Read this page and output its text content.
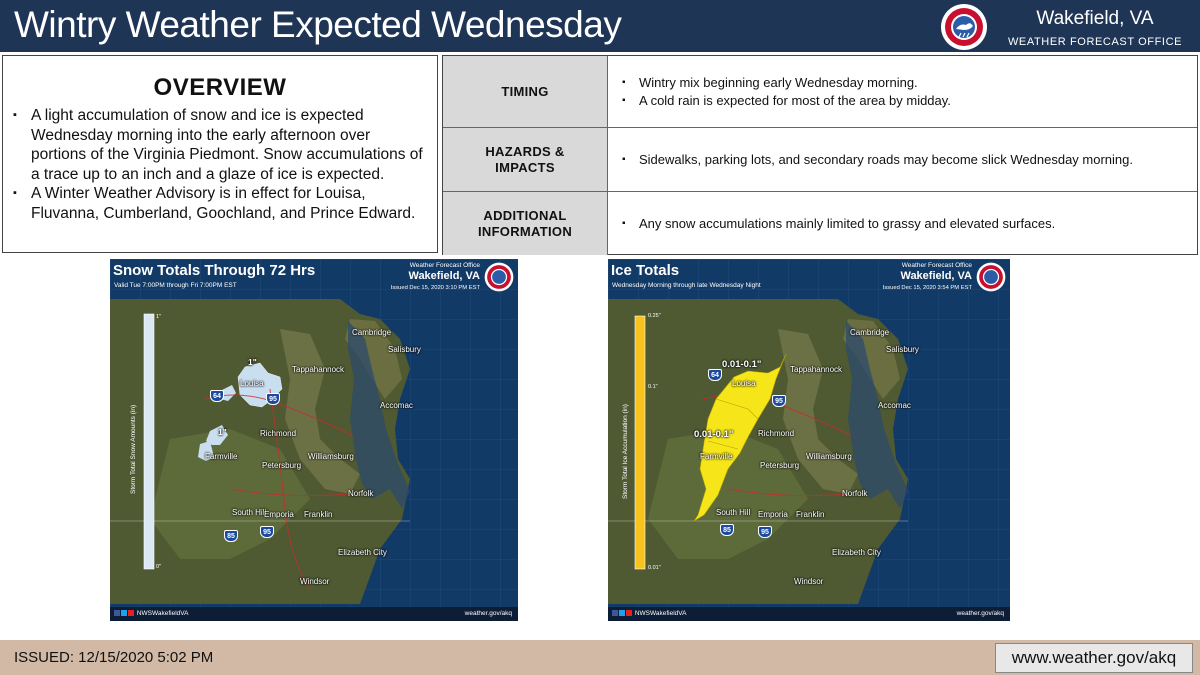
Wintry Weather Expected Wednesday	Wakefield, VA
WEATHER FORECAST OFFICE
OVERVIEW
▪ A light accumulation of snow and ice is expected Wednesday morning into the early afternoon over portions of the Virginia Piedmont. Snow accumulations of a trace up to an inch and a glaze of ice is expected.
▪ A Winter Weather Advisory is in effect for Louisa, Fluvanna, Cumberland, Goochland, and Prince Edward.
TIMING
▪ Wintry mix beginning early Wednesday morning.
▪ A cold rain is expected for most of the area by midday.
HAZARDS & IMPACTS
▪ Sidewalks, parking lots, and secondary roads may become slick Wednesday morning.
ADDITIONAL INFORMATION
▪ Any snow accumulations mainly limited to grassy and elevated surfaces.
Snow Totals Through 72 Hrs
Valid Tue 7:00PM through Fri 7:00PM EST
Weather Forecast Office
Wakefield, VA
Issued Dec 15, 2020 3:10 PM EST
1"
0"
Storm Total Snow Amounts (in)
1"
1"
Cambridge
Salisbury
Louisa
Tappahannock
Accomac
Richmond
Farmville	Williamsburg
Petersburg
Norfolk
South Hill
Emporia Franklin
Elizabeth City
Windsor
64	95
85
95
NWSWakefieldVA	weather.gov/akq
Ice Totals
Wednesday Morning through late Wednesday Night
Weather Forecast Office
Wakefield, VA
Issued Dec 15, 2020 3:54 PM EST
0.25"
0.1"
0.01"
Storm Total Ice Accumulation (in)
0.01-0.1"
0.01-0.1"
Cambridge
Salisbury
Louisa
Tappahannock
Accomac
Richmond
Farmville	Williamsburg
Petersburg
Norfolk
South Hill Emporia Franklin
Elizabeth City
Windsor
64
95
85	95
NWSWakefieldVA	weather.gov/akq
ISSUED: 12/15/2020 5:02 PM	www.weather.gov/akq
